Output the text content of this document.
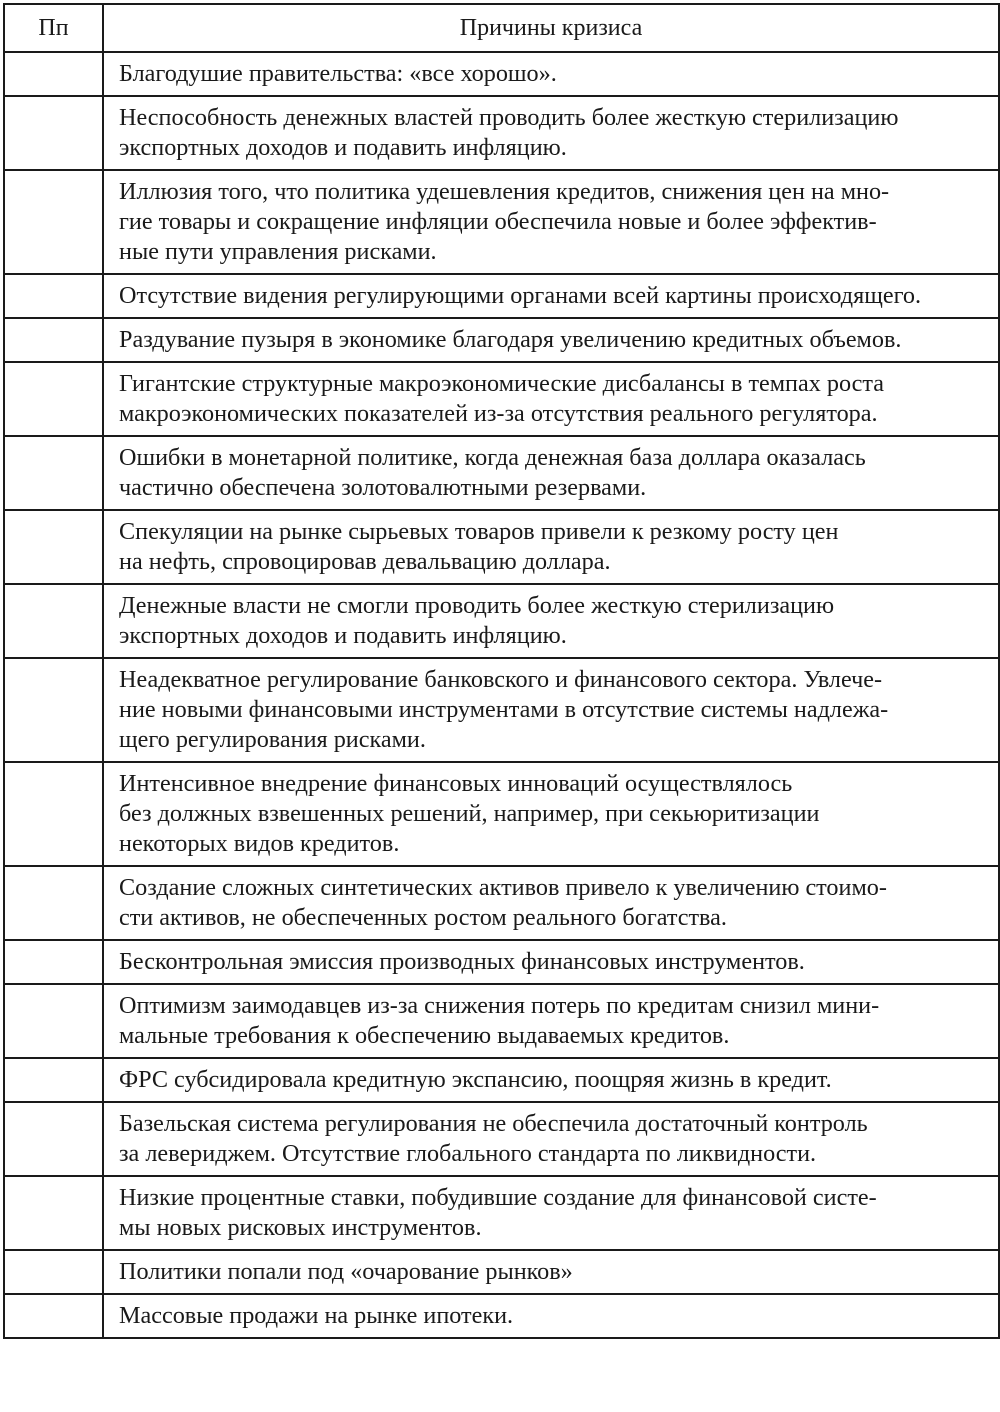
Пп	Причины кризиса

	Благодушие правительства: «все хорошо».

	Неспособность денежных властей проводить более жесткую стерилизацию
экспортных доходов и подавить инфляцию.

	Иллюзия того, что политика удешевления кредитов, снижения цен на мно-
гие товары и сокращение инфляции обеспечила новые и более эффектив-
ные пути управления рисками.

	Отсутствие видения регулирующими органами всей картины происходящего.

	Раздувание пузыря в экономике благодаря увеличению кредитных объемов.

	Гигантские структурные макроэкономические дисбалансы в темпах роста
макроэкономических показателей из-за отсутствия реального регулятора.

	Ошибки в монетарной политике, когда денежная база доллара оказалась
частично обеспечена золотовалютными резервами.

	Спекуляции на рынке сырьевых товаров привели к резкому росту цен
на нефть, спровоцировав девальвацию доллара.

	Денежные власти не смогли проводить более жесткую стерилизацию
экспортных доходов и подавить инфляцию.

	Неадекватное регулирование банковского и финансового сектора. Увлече-
ние новыми финансовыми инструментами в отсутствие системы надлежа-
щего регулирования рисками.

	Интенсивное внедрение финансовых инноваций осуществлялось
без должных взвешенных решений, например, при секьюритизации
некоторых видов кредитов.

	Создание сложных синтетических активов привело к увеличению стоимо-
сти активов, не обеспеченных ростом реального богатства.

	Бесконтрольная эмиссия производных финансовых инструментов.

	Оптимизм заимодавцев из-за снижения потерь по кредитам снизил мини-
мальные требования к обеспечению выдаваемых кредитов.

	ФРС субсидировала кредитную экспансию, поощряя жизнь в кредит.

	Базельская система регулирования не обеспечила достаточный контроль
за левериджем. Отсутствие глобального стандарта по ликвидности.

	Низкие процентные ставки, побудившие создание для финансовой систе-
мы новых рисковых инструментов.

	Политики попали под «очарование рынков»

	Массовые продажи на рынке ипотеки.
